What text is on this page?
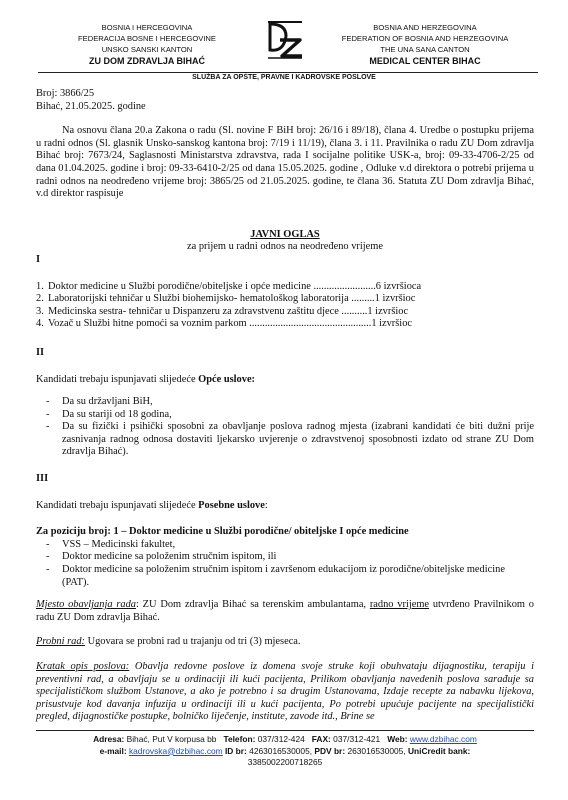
BOSNIA I HERCEGOVINA
FEDERACIJA BOSNE I HERCEGOVINE
UNSKO SANSKI KANTON
ZU DOM ZDRAVLJA BIHAĆ
BOSNIA AND HERZEGOVINA
FEDERATION OF BOSNIA AND HERZEGOVINA
THE UNA SANA CANTON
MEDICAL CENTER BIHAC
SLUŽBA ZA OPŠTE, PRAVNE I KADROVSKE POSLOVE

Broj: 3866/25

Bihać, 21.05.2025. godine

Na osnovu člana 20.a Zakona o radu (Sl. novine F BiH broj: 26/16 i 89/18), člana 4. Uredbe o postupku prijema u radni odnos (Sl. glasnik Unsko-sanskog kantona broj: 7/19 i 11/19), člana 3. i 11. Pravilnika o radu ZU Dom zdravlja Bihać broj: 7673/24, Saglasnosti Ministarstva zdravstva, rada I socijalne politike USK-a, broj: 09-33-4706-2/25 od dana 01.04.2025. godine i broj: 09-33-6410-2/25 od dana 15.05.2025. godine , Odluke v.d direktora o potrebi prijema u radni odnos na neodređeno vrijeme broj: 3865/25 od 21.05.2025. godine, te člana 36. Statuta ZU Dom zdravlja Bihać, v.d direktor raspisuje

JAVNI OGLAS

za prijem u radni odnos na neodređeno vrijeme

I

1. Doktor medicine u Službi porodične/obiteljske i opće medicine ........................6 izvršioca
2. Laboratorijski tehničar u Službi biohemijsko- hematološkog laboratorija .........1 izvršioc
3. Medicinska sestra- tehničar u Dispanzeru za zdravstvenu zaštitu djece ..........1 izvršioc
4. Vozač u Službi hitne pomoći sa voznim parkom ...............................................1 izvršioc

II

Kandidati trebaju ispunjavati slijedeće Opće uslove:

-	Da su državljani BiH,
-	Da su stariji od 18 godina,
-	Da su fizički i psihički sposobni za obavljanje poslova radnog mjesta (izabrani kandidati će biti dužni prije zasnivanja radnog odnosa dostaviti ljekarsko uvjerenje o zdravstvenoj sposobnosti izdato od strane ZU Dom zdravlja Bihać).

III

Kandidati trebaju ispunjavati slijedeće Posebne uslove:

Za poziciju broj: 1 – Doktor medicine u Službi porodične/ obiteljske I opće medicine

-	VSS – Medicinski fakultet,
-	Doktor medicine sa položenim stručnim ispitom, ili
-	Doktor medicine sa položenim stručnim ispitom i završenom edukacijom iz porodične/obiteljske medicine (PAT).

Mjesto obavljanja rada: ZU Dom zdravlja Bihać sa terenskim ambulantama, radno vrijeme utvrđeno Pravilnikom o radu ZU Dom zdravlja Bihać.

Probni rad: Ugovara se probni rad u trajanju od tri (3) mjeseca.

Kratak opis poslova: Obavlja redovne poslove iz domena svoje struke koji obuhvataju dijagnostiku, terapiju i preventivni rad, a obavljaju se u ordinaciji ili kući pacijenta, Prilikom obavljanja navedenih poslova sarađuje sa specijalističkom službom Ustanove, a ako je potrebno i sa drugim Ustanovama, Izdaje recepte za nabavku lijekova, prisustvuje kod davanja infuzija u ordinaciji ili u kući pacijenta, Po potrebi upućuje pacijente na specijalistički pregled, dijagnostičke postupke, bolničko liječenje, institute, zavode itd., Brine se

Adresa: Bihać, Put V korpusa bb Telefon: 037/312-424 FAX: 037/312-421 Web: www.dzbihac.com
e-mail: kadrovska@dzbihac.com ID br: 4263016530005, PDV br: 263016530005, UniCredit bank:
3385002200718265
